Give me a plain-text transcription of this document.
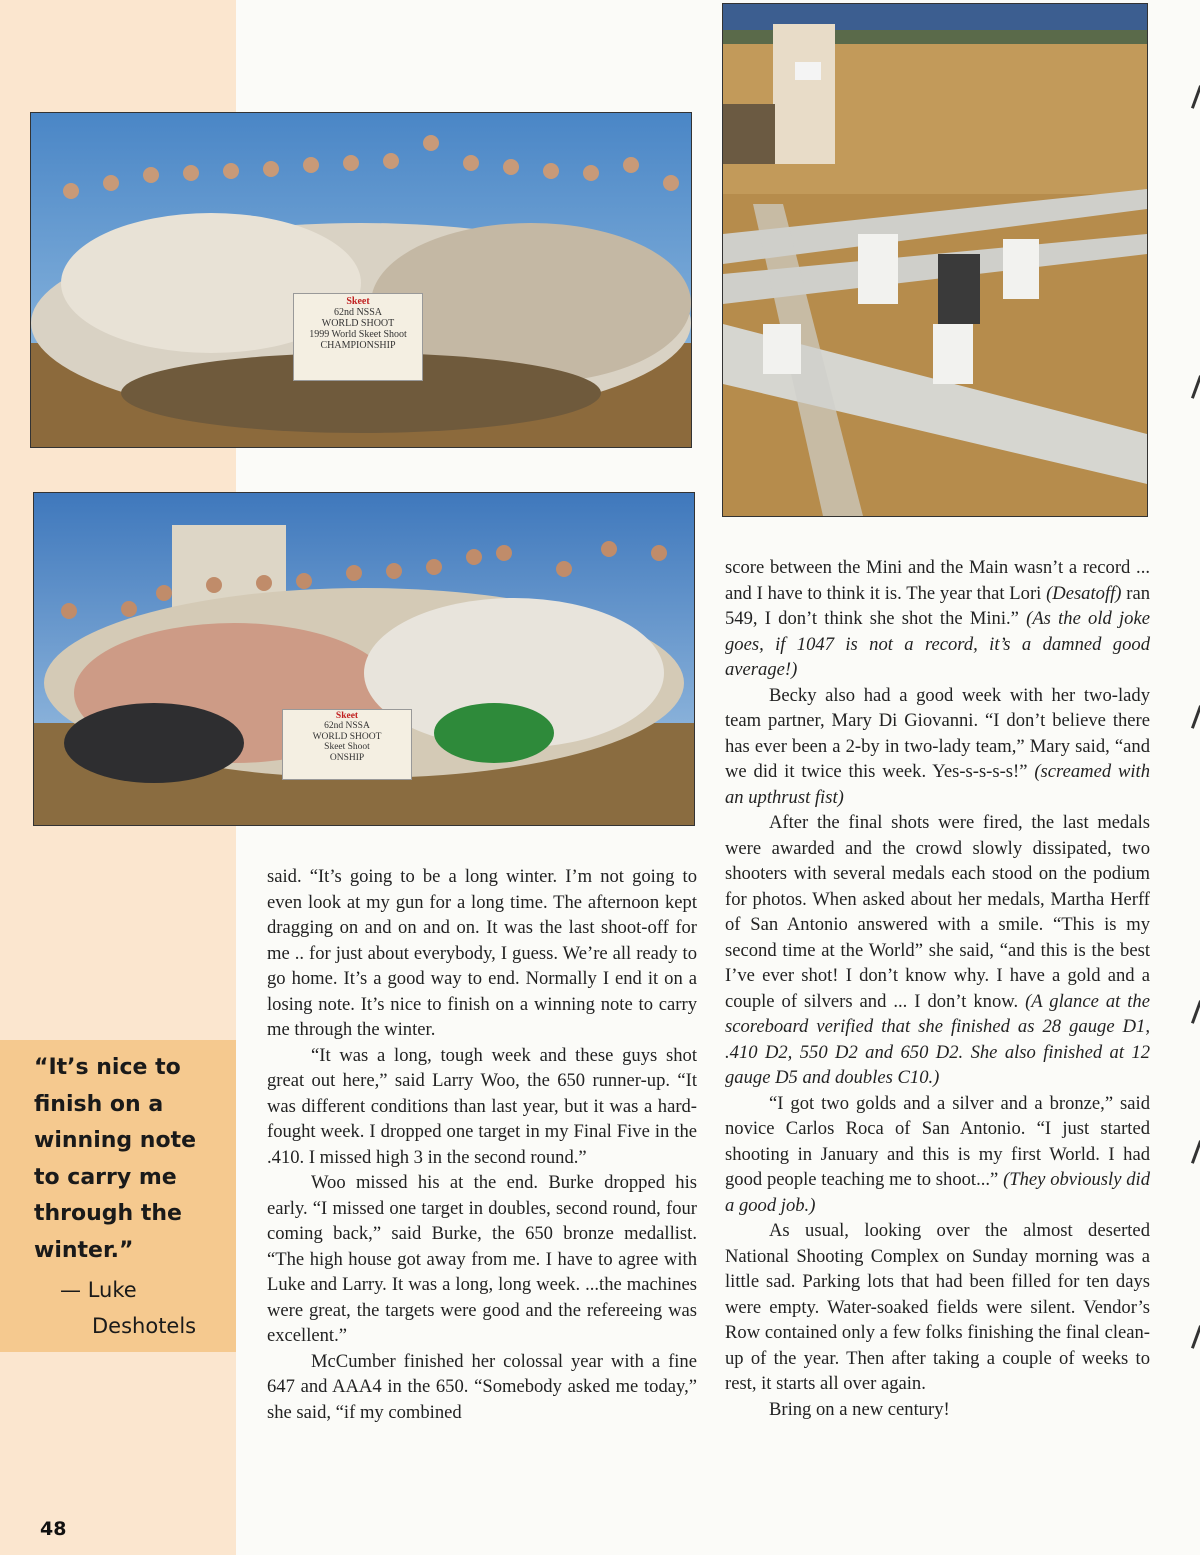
Skeet
62nd NSSA
WORLD SHOOT
1999 World Skeet Shoot
CHAMPIONSHIP
Skeet
62nd NSSA
WORLD SHOOT
Skeet Shoot
ONSHIP

“It’s nice to finish on a winning note to carry me through the winter.”

— Luke
Deshotels

said. “It’s going to be a long winter. I’m not going to even look at my gun for a long time. The afternoon kept dragging on and on and on. It was the last shoot-off for me .. for just about everybody, I guess. We’re all ready to go home. It’s a good way to end. Normally I end it on a losing note. It’s nice to finish on a winning note to carry me through the winter.

“It was a long, tough week and these guys shot great out here,” said Larry Woo, the 650 runner-up. “It was different conditions than last year, but it was a hard-fought week. I dropped one target in my Final Five in the .410. I missed high 3 in the second round.”

Woo missed his at the end. Burke dropped his early. “I missed one target in doubles, second round, four coming back,” said Burke, the 650 bronze medallist. “The high house got away from me. I have to agree with Luke and Larry. It was a long, long week. ...the machines were great, the targets were good and the refereeing was excellent.”

McCumber finished her colossal year with a fine 647 and AAA4 in the 650. “Somebody asked me today,” she said, “if my combined

score between the Mini and the Main wasn’t a record ... and I have to think it is. The year that Lori (Desatoff) ran 549, I don’t think she shot the Mini.” (As the old joke goes, if 1047 is not a record, it’s a damned good average!)

Becky also had a good week with her two-lady team partner, Mary Di Giovanni. “I don’t believe there has ever been a 2-by in two-lady team,” Mary said, “and we did it twice this week. Yes-s-s-s-s!” (screamed with an upthrust fist)

After the final shots were fired, the last medals were awarded and the crowd slowly dissipated, two shooters with several medals each stood on the podium for photos. When asked about her medals, Martha Herff of San Antonio answered with a smile. “This is my second time at the World” she said, “and this is the best I’ve ever shot! I don’t know why. I have a gold and a couple of silvers and ... I don’t know. (A glance at the scoreboard verified that she finished as 28 gauge D1, .410 D2, 550 D2 and 650 D2. She also finished at 12 gauge D5 and doubles C10.)

“I got two golds and a silver and a bronze,” said novice Carlos Roca of San Antonio. “I just started shooting in January and this is my first World. I had good people teaching me to shoot...” (They obviously did a good job.)

As usual, looking over the almost deserted National Shooting Complex on Sunday morning was a little sad. Parking lots that had been filled for ten days were empty. Water-soaked fields were silent. Vendor’s Row contained only a few folks finishing the final clean-up of the year. Then after taking a couple of weeks to rest, it starts all over again.

Bring on a new century!

48
